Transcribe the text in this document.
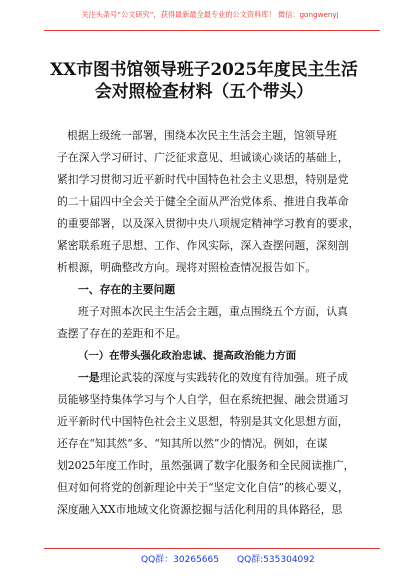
关注头条号“公文研究”，获得最新最全最专业的公文资料库！ 微信：gongwenyj
XX市图书馆领导班子2025年度民主生活
会对照检查材料（五个带头）
根据上级统一部署，围绕本次民主生活会主题，馆领导班
子在深入学习研讨、广泛征求意见、坦诚谈心谈话的基础上，
紧扣学习贯彻习近平新时代中国特色社会主义思想，特别是党
的二十届四中全会关于健全全面从严治党体系、推进自我革命
的重要部署，以及深入贯彻中央八项规定精神学习教育的要求，
紧密联系班子思想、工作、作风实际，深入查摆问题，深刻剖
析根源，明确整改方向。现将对照检查情况报告如下。
一、存在的主要问题
班子对照本次民主生活会主题，重点围绕五个方面，认真
查摆了存在的差距和不足。
（一）在带头强化政治忠诚、提高政治能力方面
一是理论武装的深度与实践转化的效度有待加强。班子成
员能够坚持集体学习与个人自学，但在系统把握、融会贯通习
近平新时代中国特色社会主义思想，特别是其文化思想方面，
还存在“知其然”多、“知其所以然”少的情况。例如，在谋
划2025年度工作时，虽然强调了数字化服务和全民阅读推广，
但对如何将党的创新理论中关于“坚定文化自信”的核心要义，
深度融入XX市地域文化资源挖掘与活化利用的具体路径，思
QQ群：30265665 QQ群:535304092
